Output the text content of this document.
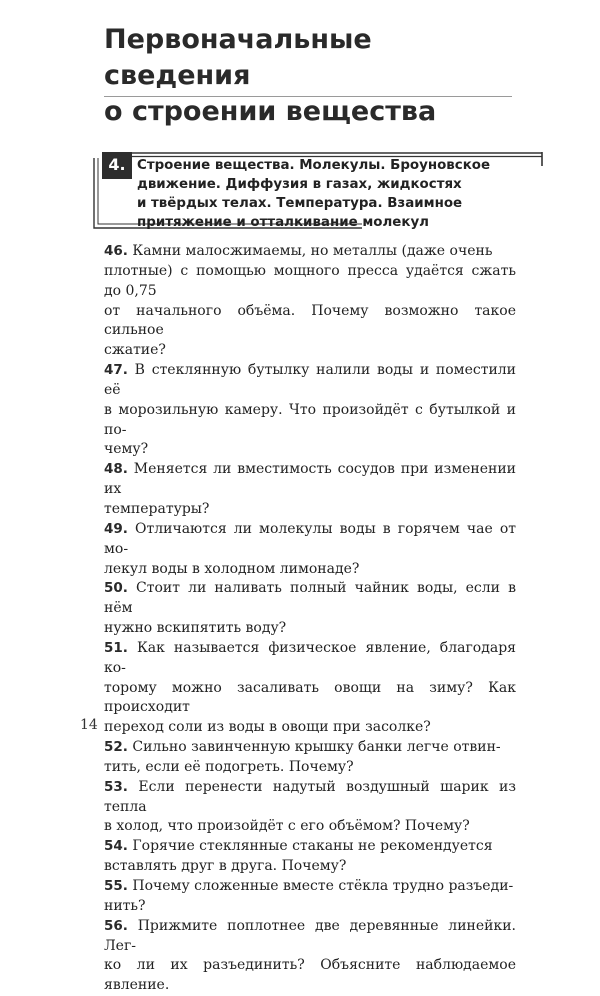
Первоначальные сведения
о строении вещества
4. Строение вещества. Молекулы. Броуновское
движение. Диффузия в газах, жидкостях
и твёрдых телах. Температура. Взаимное
притяжение и отталкивание молекул

46. Камни малосжимаемы, но металлы (даже очень
плотные) с помощью мощного пресса удаётся сжать до 0,75
от начального объёма. Почему возможно такое сильное
сжатие?

47. В стеклянную бутылку налили воды и поместили её
в морозильную камеру. Что произойдёт с бутылкой и по-
чему?

48. Меняется ли вместимость сосудов при изменении их
температуры?

49. Отличаются ли молекулы воды в горячем чае от мо-
лекул воды в холодном лимонаде?

50. Стоит ли наливать полный чайник воды, если в нём
нужно вскипятить воду?

51. Как называется физическое явление, благодаря ко-
торому можно засаливать овощи на зиму? Как происходит
переход соли из воды в овощи при засолке?

52. Сильно завинченную крышку банки легче отвин-
тить, если её подогреть. Почему?

53. Если перенести надутый воздушный шарик из тепла
в холод, что произойдёт с его объёмом? Почему?

54. Горячие стеклянные стаканы не рекомендуется
вставлять друг в друга. Почему?

55. Почему сложенные вместе стёкла трудно разъеди-
нить?

56. Прижмите поплотнее две деревянные линейки. Лег-
ко ли их разъединить? Объясните наблюдаемое явление.

14
